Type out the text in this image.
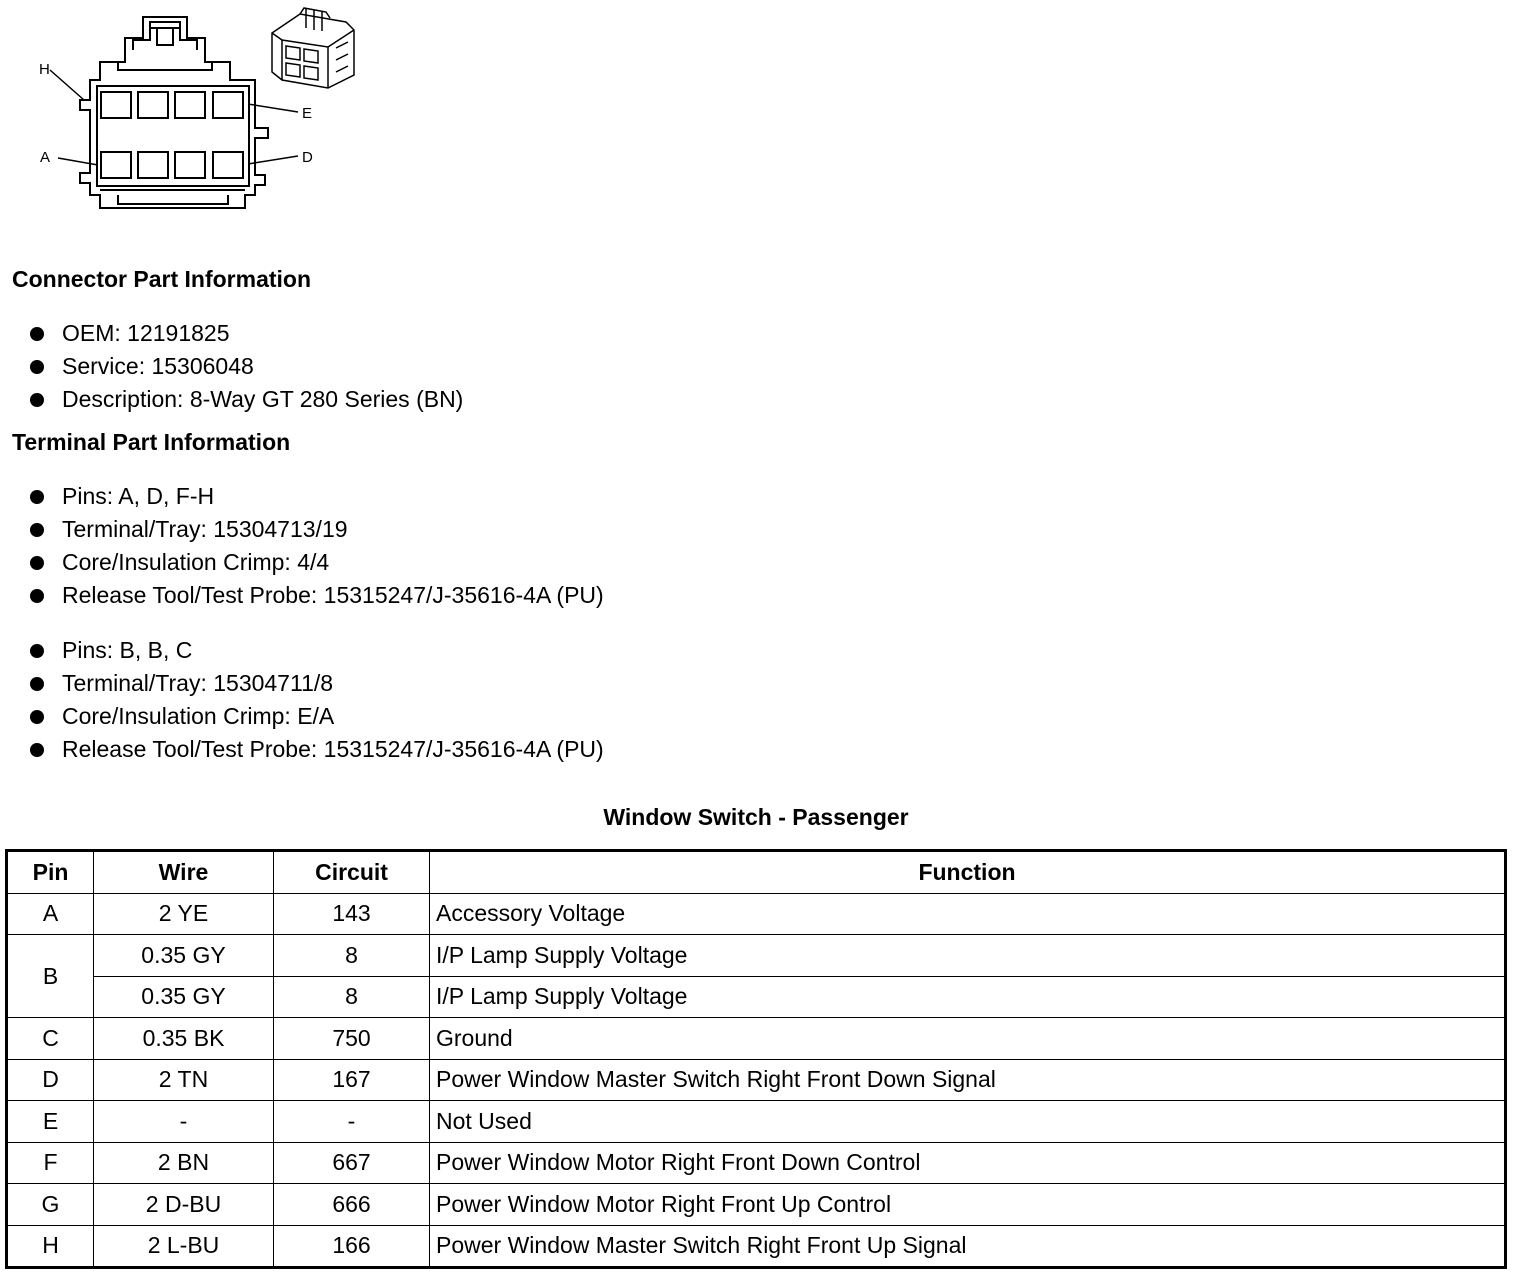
H
E
A	D
Connector Part Information
OEM: 12191825
Service: 15306048
Description: 8-Way GT 280 Series (BN)
Terminal Part Information
Pins: A, D, F-H
Terminal/Tray: 15304713/19
Core/Insulation Crimp: 4/4
Release Tool/Test Probe: 15315247/J-35616-4A (PU)
Pins: B, B, C
Terminal/Tray: 15304711/8
Core/Insulation Crimp: E/A
Release Tool/Test Probe: 15315247/J-35616-4A (PU)
Window Switch - Passenger
Pin	Wire	Circuit	Function
A	2 YE	143	Accessory Voltage
B	0.35 GY	8	I/P Lamp Supply Voltage
	0.35 GY	8	I/P Lamp Supply Voltage
C	0.35 BK	750	Ground
D	2 TN	167	Power Window Master Switch Right Front Down Signal
E	-	-	Not Used
F	2 BN	667	Power Window Motor Right Front Down Control
G	2 D-BU	666	Power Window Motor Right Front Up Control
H	2 L-BU	166	Power Window Master Switch Right Front Up Signal
